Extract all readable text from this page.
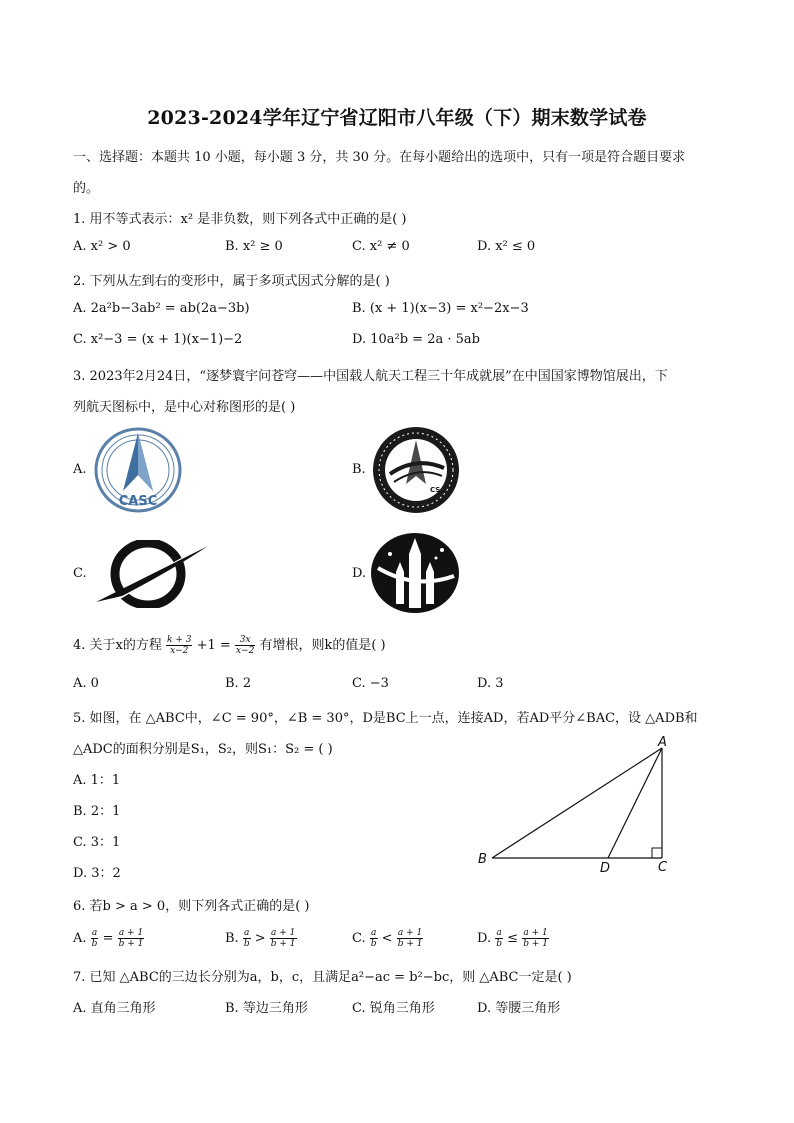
2023-2024学年辽宁省辽阳市八年级（下）期末数学试卷
一、选择题：本题共 10 小题，每小题 3 分，共 30 分。在每小题给出的选项中，只有一项是符合题目要求
的。
1. 用不等式表示：x² 是非负数，则下列各式中正确的是( )
A. x² > 0	B. x² ≥ 0	C. x² ≠ 0	D. x² ≤ 0
2. 下列从左到右的变形中，属于多项式因式分解的是( )
A. 2a²b−3ab² = ab(2a−3b)	B. (x + 1)(x−3) = x²−2x−3
C. x²−3 = (x + 1)(x−1)−2	D. 10a²b = 2a · 5ab
3. 2023年2月24日，“逐梦寰宇问苍穹——中国载人航天工程三十年成就展”在中国国家博物馆展出，下
列航天图标中，是中心对称图形的是( )
A.
CASC
B.
CSA
C.	D.
4. 关于x的方程 $\frac{k + 3}{x-2} +1 = \frac{3x}{x-2}$ 有增根，则k的值是( )
A. 0	B. 2	C. −3	D. 3
5. 如图，在 △ABC中，∠C = 90°，∠B = 30°，D是BC上一点，连接AD，若AD平分∠BAC，设 △ADB和
△ADC的面积分别是S₁，S₂，则S₁：S₂ = ( )
A. 1：1
B. 2：1
C. 3：1
D. 3：2
A
B
C
D
6. 若b > a > 0，则下列各式正确的是( )
A. $\frac{a}{b} = \frac{a + 1}{b + 1}$	B. $\frac{a}{b} > \frac{a + 1}{b + 1}$	C. $\frac{a}{b} < \frac{a + 1}{b + 1}$	D. $\frac{a}{b} \le \frac{a + 1}{b + 1}$
7. 已知 △ABC的三边长分别为a，b，c，且满足a²−ac = b²−bc，则 △ABC一定是( )
A. 直角三角形	B. 等边三角形	C. 锐角三角形	D. 等腰三角形
